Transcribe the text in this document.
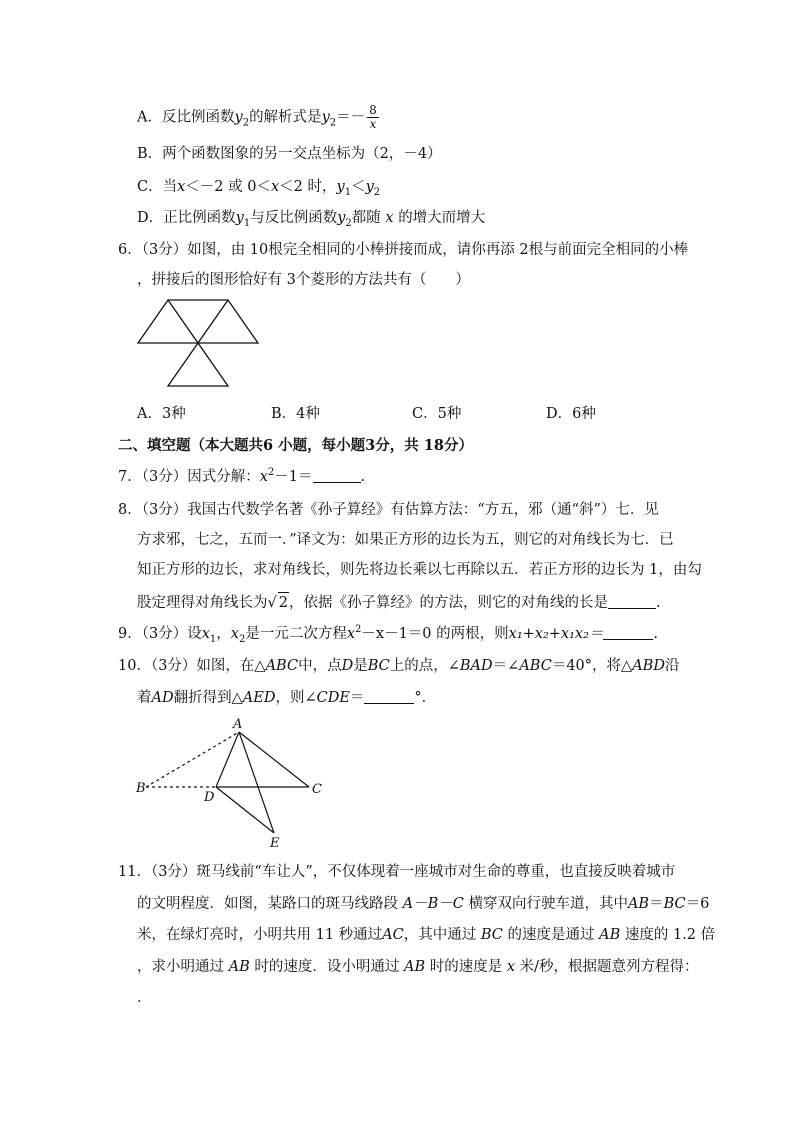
A．反比例函数$y_2$的解析式是$y_2=- \frac{8}{x}$
B．两个函数图象的另一交点坐标为（2，－4）
C．当x＜－2 或 0＜x＜2 时，$y_1<y_2$
D．正比例函数$y_1$与反比例函数$y_2$都随 x 的增大而增大
6．（3分）如图，由 10根完全相同的小棒拼接而成，请你再添 2根与前面完全相同的小棒
，拼接后的图形恰好有 3个菱形的方法共有（　　）
A．3种	B．4种	C．5种	D．6种
二、填空题（本大题共6 小题，每小题3分，共 18分）
7．（3分）因式分解：$x^2-1=$	.
8．（3分）我国古代数学名著《孙子算经》有估算方法：“方五，邪（通“斜”）七．见
方求邪，七之，五而一．”译文为：如果正方形的边长为五，则它的对角线长为七．已
知正方形的边长，求对角线长，则先将边长乘以七再除以五．若正方形的边长为 1，由勾
股定理得对角线长为√ 2，依据《孙子算经》的方法，则它的对角线的长是	.
9．（3分）设$x_1$，$x_2$是一元二次方程$x^2-x-1=0$ 的两根，则x₁+x₂+x₁x₂＝	.
10．（3分）如图，在△ABC中，点D是BC上的点，∠BAD＝∠ABC＝40°，将△ABD沿
着AD翻折得到△AED，则∠CDE＝	°．
A
B	C
D
E
11．（3分）斑马线前“车让人”，不仅体现着一座城市对生命的尊重，也直接反映着城市
的文明程度．如图，某路口的斑马线路段 A－B－C 横穿双向行驶车道，其中AB＝BC＝6
米，在绿灯亮时，小明共用 11 秒通过AC，其中通过 BC 的速度是通过 AB 速度的 1.2 倍
，求小明通过 AB 时的速度．设小明通过 AB 时的速度是 x 米/秒，根据题意列方程得：
．
